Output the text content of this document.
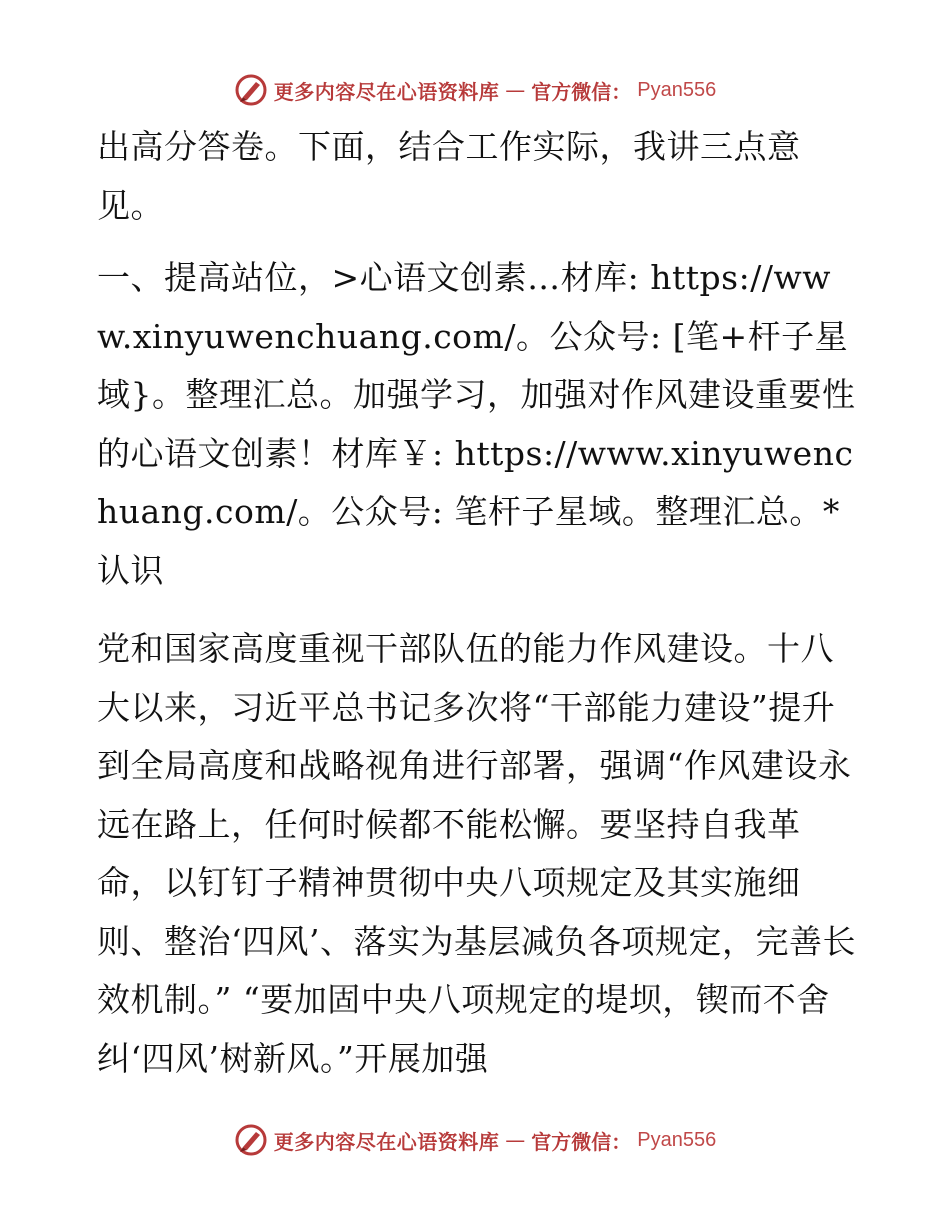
更多内容尽在心语资料库 — 官方微信： Pyan556

出高分答卷。下面，结合工作实际，我讲三点意见。

一、提高站位，>心语文创素…材库: https://www.xinyuwenchuang.com/。公众号: [笔+杆子星域}。整理汇总。加强学习，加强对作风建设重要性的心语文创素！材库￥: https://www.xinyuwenchuang.com/。公众号: 笔杆子星域。整理汇总。*认识

党和国家高度重视干部队伍的能力作风建设。十八大以来，习近平总书记多次将“干部能力建设”提升到全局高度和战略视角进行部署，强调“作风建设永远在路上，任何时候都不能松懈。要坚持自我革命，以钉钉子精神贯彻中央八项规定及其实施细则、整治‘四风’、落实为基层减负各项规定，完善长效机制。” “要加固中央八项规定的堤坝，锲而不舍纠‘四风’树新风。”开展加强

更多内容尽在心语资料库 — 官方微信： Pyan556
